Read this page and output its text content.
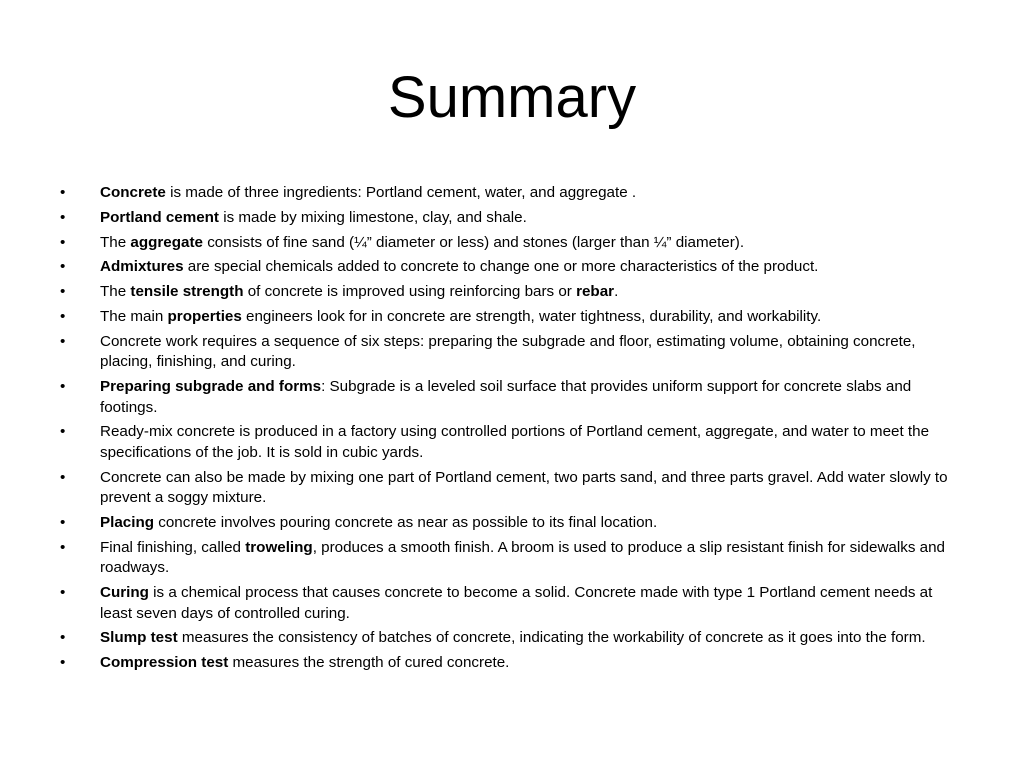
Summary
• Concrete is made of three ingredients: Portland cement, water, and aggregate .
• Portland cement is made by mixing limestone, clay, and shale.
• The aggregate consists of fine sand (¼” diameter or less) and stones (larger than ¼” diameter).
• Admixtures are special chemicals added to concrete to change one or more characteristics of the product.
• The tensile strength of concrete is improved using reinforcing bars or rebar.
• The main properties engineers look for in concrete are strength, water tightness, durability, and workability.
• Concrete work requires a sequence of six steps: preparing the subgrade and floor, estimating volume, obtaining concrete, placing, finishing, and curing.
• Preparing subgrade and forms: Subgrade is a leveled soil surface that provides uniform support for concrete slabs and footings.
• Ready-mix concrete is produced in a factory using controlled portions of Portland cement, aggregate, and water to meet the specifications of the job. It is sold in cubic yards.
• Concrete can also be made by mixing one part of Portland cement, two parts sand, and three parts gravel. Add water slowly to prevent a soggy mixture.
• Placing concrete involves pouring concrete as near as possible to its final location.
• Final finishing, called troweling, produces a smooth finish. A broom is used to produce a slip resistant finish for sidewalks and roadways.
• Curing is a chemical process that causes concrete to become a solid. Concrete made with type 1 Portland cement needs at least seven days of controlled curing.
• Slump test measures the consistency of batches of concrete, indicating the workability of concrete as it goes into the form.
• Compression test measures the strength of cured concrete.
